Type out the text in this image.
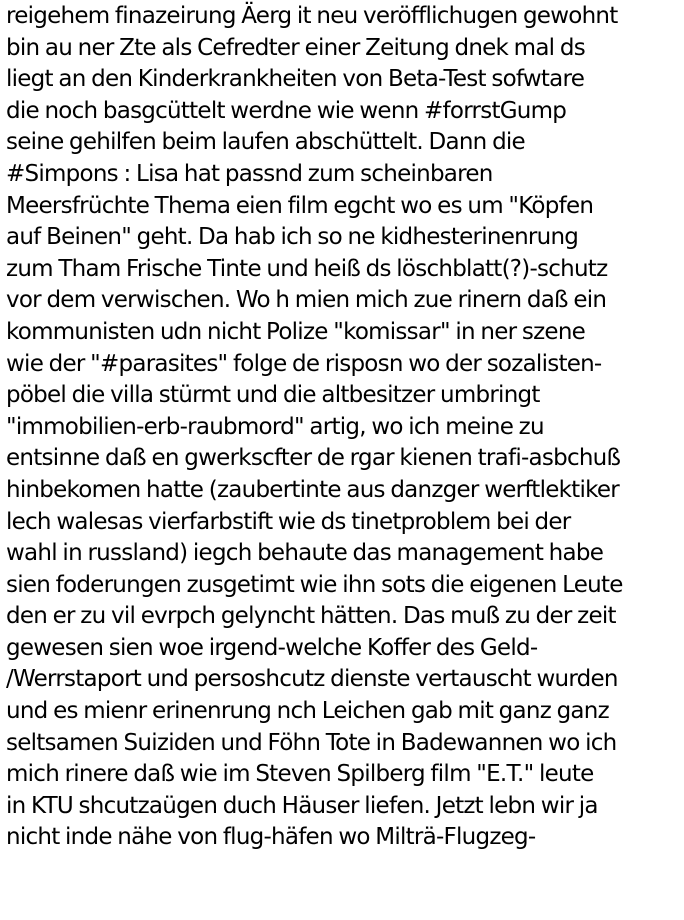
reigehem finazeirung Äerg it neu veröfflichugen gewohnt
bin au ner Zte als Cefredter einer Zeitung dnek mal ds
liegt an den Kinderkrankheiten von Beta-Test sofwtare
die noch basgcüttelt werdne wie wenn #forrstGump
seine gehilfen beim laufen abschüttelt. Dann die
#Simpons : Lisa hat passnd zum scheinbaren
Meersfrüchte Thema eien film egcht wo es um "Köpfen
auf Beinen" geht. Da hab ich so ne kidhesterinenrung
zum Tham Frische Tinte und heiß ds löschblatt(?)-schutz
vor dem verwischen. Wo h mien mich zue rinern daß ein
kommunisten udn nicht Polize "komissar" in ner szene
wie der "#parasites" folge de risposn wo der sozalisten-
pöbel die villa stürmt und die altbesitzer umbringt
"immobilien-erb-raubmord" artig, wo ich meine zu
entsinne daß en gwerkscfter de rgar kienen trafi-asbchuß
hinbekomen hatte (zaubertinte aus danzger werftlektiker
lech walesas vierfarbstift wie ds tinetproblem bei der
wahl in russland) iegch behaute das management habe
sien foderungen zusgetimt wie ihn sots die eigenen Leute
den er zu vil evrpch gelyncht hätten. Das muß zu der zeit
gewesen sien woe irgend-welche Koffer des Geld-
/Werrstaport und persoshcutz dienste vertauscht wurden
und es mienr erinenrung nch Leichen gab mit ganz ganz
seltsamen Suiziden und Föhn Tote in Badewannen wo ich
mich rinere daß wie im Steven Spilberg film "E.T." leute
in KTU shcutzaügen duch Häuser liefen. Jetzt lebn wir ja
nicht inde nähe von flug-häfen wo Milträ-Flugzeg-
